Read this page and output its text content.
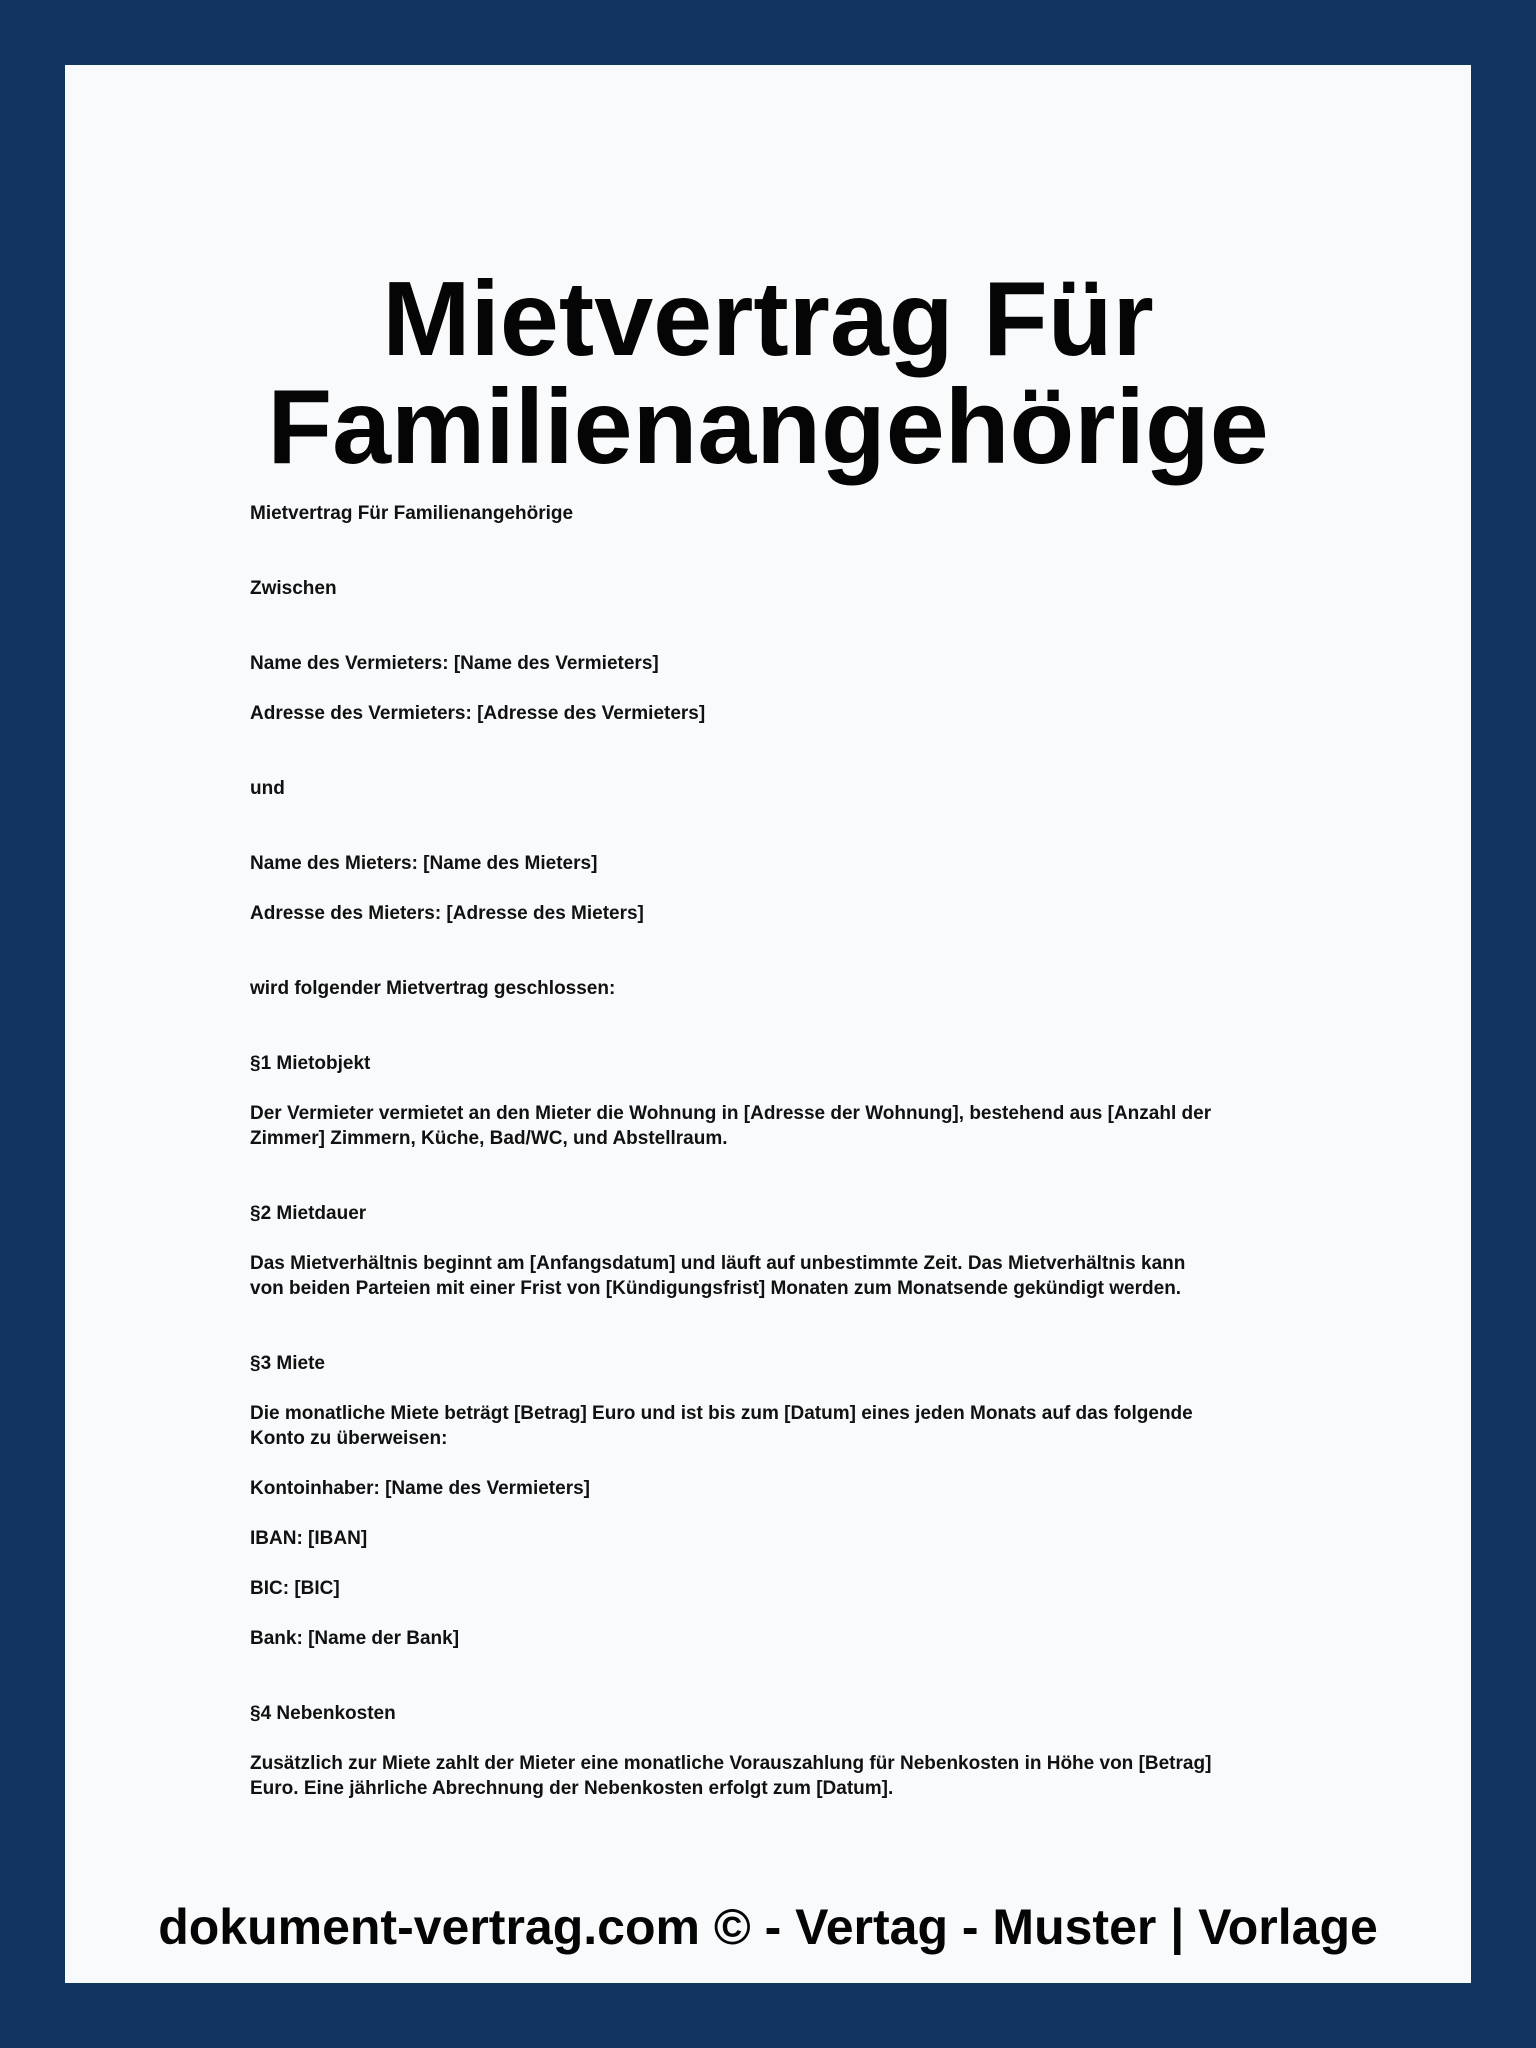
Mietvertrag Für Familienangehörige

Mietvertrag Für Familienangehörige

Zwischen

Name des Vermieters: [Name des Vermieters]

Adresse des Vermieters: [Adresse des Vermieters]

und

Name des Mieters: [Name des Mieters]

Adresse des Mieters: [Adresse des Mieters]

wird folgender Mietvertrag geschlossen:

§1 Mietobjekt

Der Vermieter vermietet an den Mieter die Wohnung in [Adresse der Wohnung], bestehend aus [Anzahl der

Zimmer] Zimmern, Küche, Bad/WC, und Abstellraum.

§2 Mietdauer

Das Mietverhältnis beginnt am [Anfangsdatum] und läuft auf unbestimmte Zeit. Das Mietverhältnis kann

von beiden Parteien mit einer Frist von [Kündigungsfrist] Monaten zum Monatsende gekündigt werden.

§3 Miete

Die monatliche Miete beträgt [Betrag] Euro und ist bis zum [Datum] eines jeden Monats auf das folgende

Konto zu überweisen:

Kontoinhaber: [Name des Vermieters]

IBAN: [IBAN]

BIC: [BIC]

Bank: [Name der Bank]

§4 Nebenkosten

Zusätzlich zur Miete zahlt der Mieter eine monatliche Vorauszahlung für Nebenkosten in Höhe von [Betrag]

Euro. Eine jährliche Abrechnung der Nebenkosten erfolgt zum [Datum].

dokument-vertrag.com © - Vertag - Muster | Vorlage
